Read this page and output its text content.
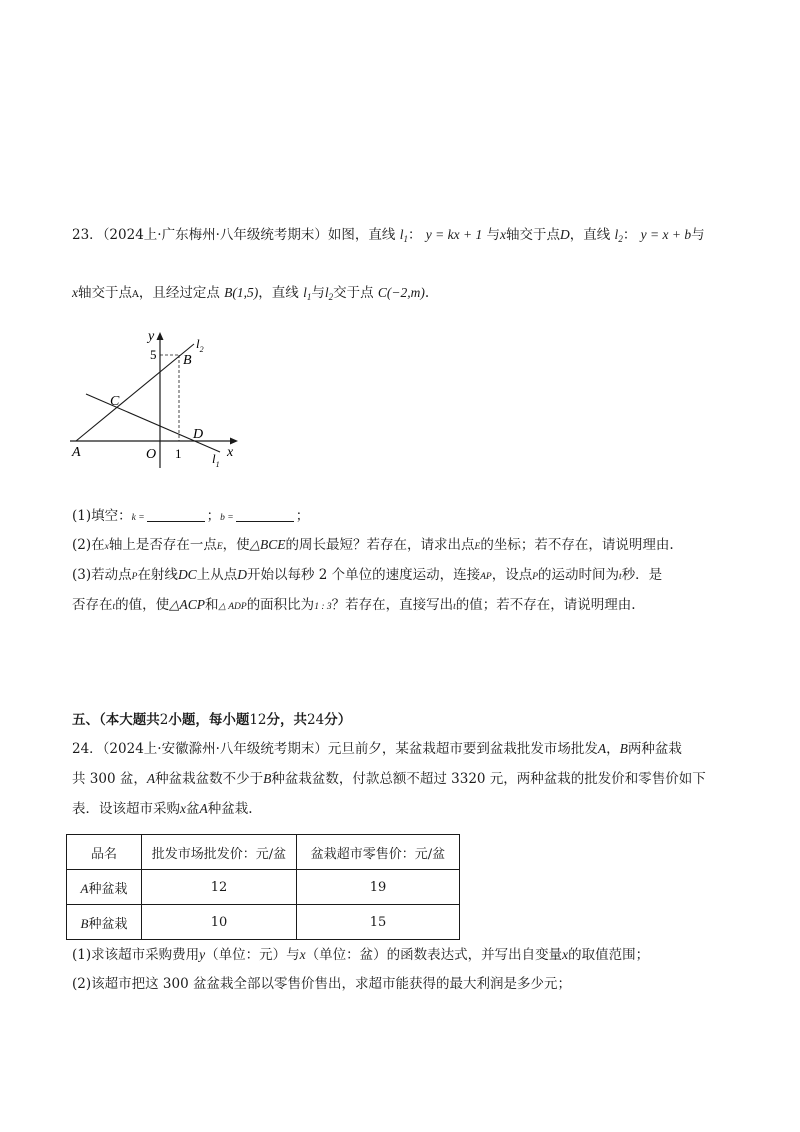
23．（2024上·广东梅州·八年级统考期末）如图，直线 $l_1$： y = kx + 1 与x轴交于点D，直线 $l_2$： y = x + b与
x轴交于点A，且经过定点 B(1,5)，直线 $l_1$与$l_2$交于点 C(−2,m).
y	$l_2$
5 B
C
D
A	O 1 $l_1$
x
(1)填空：k =	；b =	；
(2)在x轴上是否存在一点E，使△BCE的周长最短？若存在，请求出点E的坐标；若不存在，请说明理由.
(3)若动点P在射线DC上从点D开始以每秒 2 个单位的速度运动，连接AP，设点P的运动时间为t秒．是
否存在t的值，使△ACP和△ ADP的面积比为1 : 3？若存在，直接写出t的值；若不存在，请说明理由.
五、（本大题共2小题，每小题12分，共24分）
24．（2024上·安徽滁州·八年级统考期末）元旦前夕，某盆栽超市要到盆栽批发市场批发A，B两种盆栽
共 300 盆，A种盆栽盆数不少于B种盆栽盆数，付款总额不超过 3320 元，两种盆栽的批发价和零售价如下
表．设该超市采购x盆A种盆栽.
品名	批发市场批发价：元/盆	盆栽超市零售价：元/盆
A种盆栽	12	19
B种盆栽	10	15
(1)求该超市采购费用y（单位：元）与x（单位：盆）的函数表达式，并写出自变量x的取值范围；
(2)该超市把这 300 盆盆栽全部以零售价售出，求超市能获得的最大利润是多少元；
